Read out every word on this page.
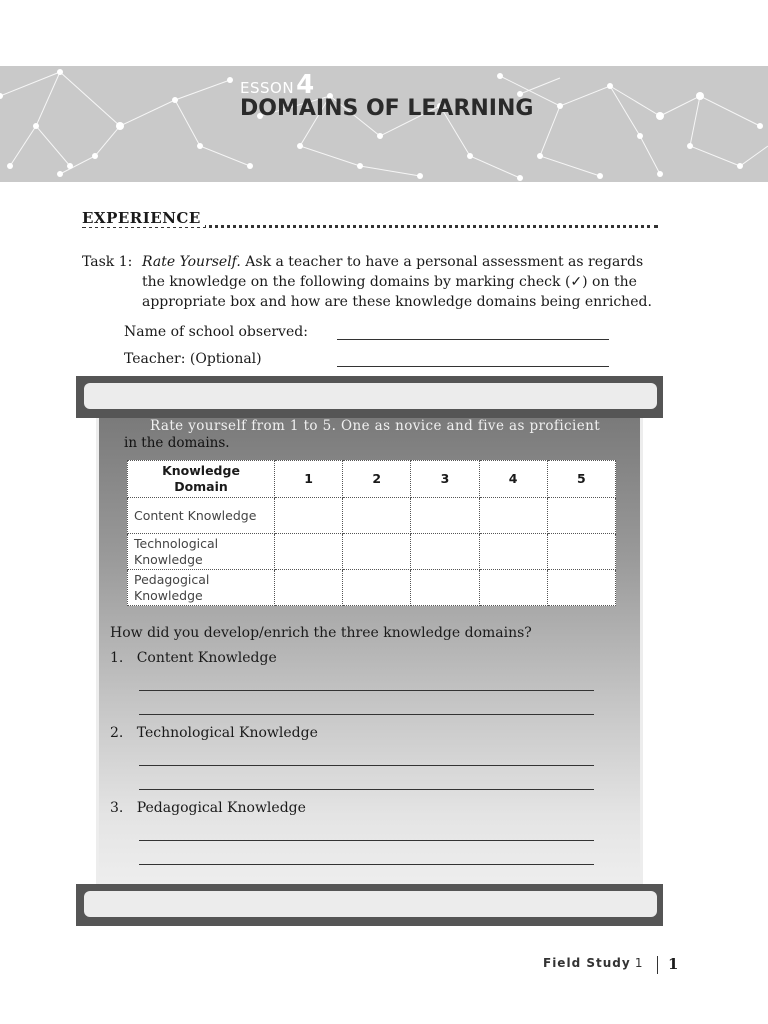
ESSON4
DOMAINS OF LEARNING
EXPERIENCE
Task 1: Rate Yourself. Ask a teacher to have a personal assessment as regards

the knowledge on the following domains by marking check (✓) on the

appropriate box and how are these knowledge domains being enriched.

Name of school observed:
Teacher: (Optional)
Rate yourself from 1 to 5. One as novice and five as proficient
in the domains.
Knowledge Domain	1	2	3	4	5
Content Knowledge					
Technological Knowledge					
Pedagogical Knowledge					
How did you develop/enrich the three knowledge domains?
1. Content Knowledge
2. Technological Knowledge
3. Pedagogical Knowledge
Field Study 1 1
